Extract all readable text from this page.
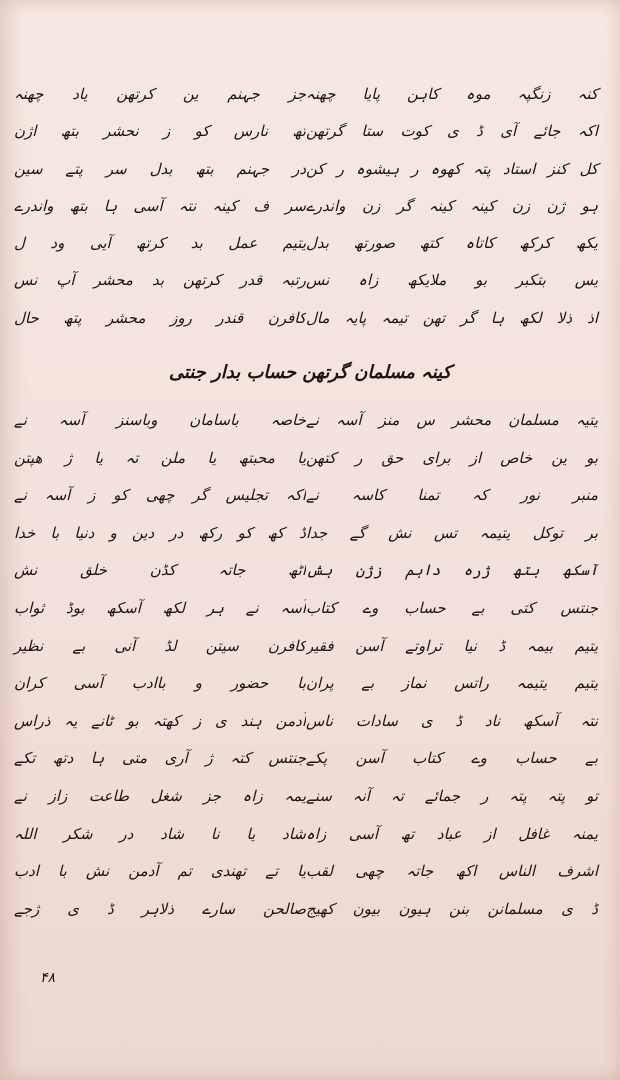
کنہ زنگپہ موہ کاہن پایا چھنہ
جز جہنم ین کرتھن یاد چھنہ
اکہ جائے آی ڈ ی کوت ستا گرتھن
تھ نارس کو ز نحشر بتھ اژن
کل کنز استاد پتہ کھوہ ر ہیشوہ ر کن
در جہنم بتھ بدل سر پتے سین
ہو ژن زن کینہ کینہ گر زن واندرے
سر ف کینہ نتہ آسی ہا بتھ واندرے
یکھ کرکھ کاتاہ کتھ صورتھ بدل
یتیم عمل بد کرتھ آیی ود ل
یس بتکبر بو ملایکھ زاہ نس
رتبہ قدر کرتھن بد محشر آپ نس
اذ ذلا لکھ ہا گر تھن تیمہ پایہ مال
کافرن قندر روز محشر پتھ حال
کینہ مسلمان گرتھن حساب بدار جنتی
یتیہ مسلمان محشر س منز آسہ نے
خاصہ باسامان وباسنز آسہ نے
بو ین خاص از برای حق ر کتھن
یا محبتھ یا ملن تہ یا ژ ھپتن
منبر نور کہ تمنا کاسہ نے
اکہ تجلیس گر چھی کو ز آسہ نے
بر توکل یتیمہ تس نش گے جدا
ڈ کھ کو رکھ در دین و دنیا با خدا
آسکھ بتھ ژرہ داہم زژن ہش
اٹھ جاتہ کڈن خلق نش
جنتس کتی بے حساب وے کتاب
آسہ نے ہر لکھ آسکھ بوڈ ثواب
یتیم بیمہ ڈ نیا تراوتے آسن فقیر
کافرن سیتن لڈ آنی بے نظیر
یتیم یتیمہ راتس نماز بے پران
با حضور و باادب آسی کران
نتہ آسکھ ناد ڈ ی سادات ناس
آدمن ہند ی ز کھتہ بو ٹانے یہ ذراس
بے حساب وے کتاب آسن پکے
جنتس کتہ ژ آری متی ہا دتھ تکے
تو پتہ پتہ ر جمائے تہ آنہ سنے
یمہ زاہ جز شغل طاعت زاز نے
یمنہ غافل از عباد تھ آسی زاہ
شاد یا نا شاد در شکر اللہ
اشرف الناس اکھ جاتہ چھی لقب
یا تے تھندی تم آدمن نش با ادب
ڈ ی مسلمانن بنن ہیون بیون کھیج
صالحن سارے ذلاہر ڈ ی ژجے
۴۸
